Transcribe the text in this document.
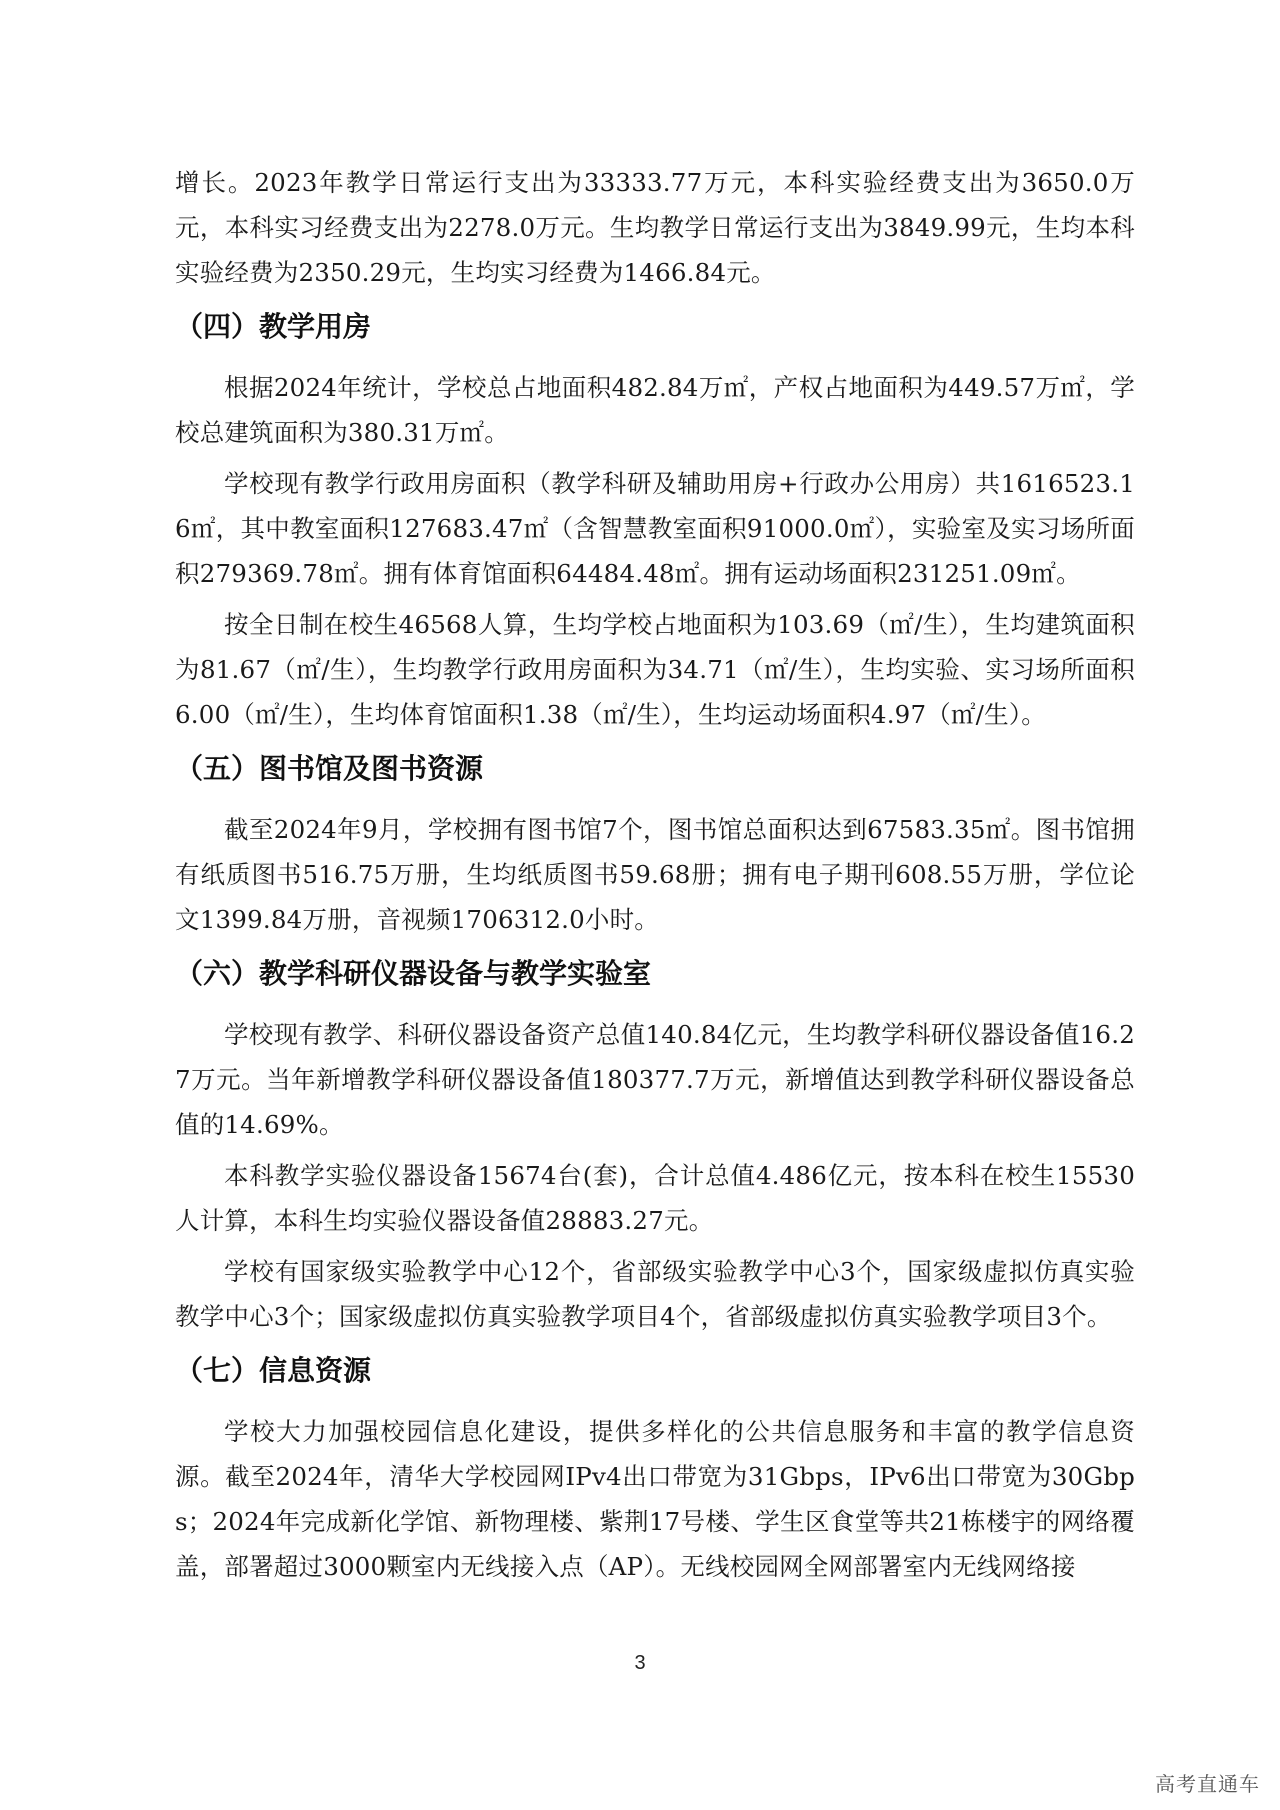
增长。2023年教学日常运行支出为33333.77万元，本科实验经费支出为3650.0万元，本科实习经费支出为2278.0万元。生均教学日常运行支出为3849.99元，生均本科实验经费为2350.29元，生均实习经费为1466.84元。

（四）教学用房

根据2024年统计，学校总占地面积482.84万㎡，产权占地面积为449.57万㎡，学校总建筑面积为380.31万㎡。

学校现有教学行政用房面积（教学科研及辅助用房+行政办公用房）共1616523.16㎡，其中教室面积127683.47㎡（含智慧教室面积91000.0㎡），实验室及实习场所面积279369.78㎡。拥有体育馆面积64484.48㎡。拥有运动场面积231251.09㎡。

按全日制在校生46568人算，生均学校占地面积为103.69（㎡/生），生均建筑面积为81.67（㎡/生），生均教学行政用房面积为34.71（㎡/生），生均实验、实习场所面积6.00（㎡/生），生均体育馆面积1.38（㎡/生），生均运动场面积4.97（㎡/生）。

（五）图书馆及图书资源

截至2024年9月，学校拥有图书馆7个，图书馆总面积达到67583.35㎡。图书馆拥有纸质图书516.75万册，生均纸质图书59.68册；拥有电子期刊608.55万册，学位论文1399.84万册，音视频1706312.0小时。

（六）教学科研仪器设备与教学实验室

学校现有教学、科研仪器设备资产总值140.84亿元，生均教学科研仪器设备值16.27万元。当年新增教学科研仪器设备值180377.7万元，新增值达到教学科研仪器设备总值的14.69%。

本科教学实验仪器设备15674台(套)，合计总值4.486亿元，按本科在校生15530人计算，本科生均实验仪器设备值28883.27元。

学校有国家级实验教学中心12个，省部级实验教学中心3个，国家级虚拟仿真实验教学中心3个；国家级虚拟仿真实验教学项目4个，省部级虚拟仿真实验教学项目3个。

（七）信息资源

学校大力加强校园信息化建设，提供多样化的公共信息服务和丰富的教学信息资源。截至2024年，清华大学校园网IPv4出口带宽为31Gbps，IPv6出口带宽为30Gbps；2024年完成新化学馆、新物理楼、紫荆17号楼、学生区食堂等共21栋楼宇的网络覆盖，部署超过3000颗室内无线接入点（AP）。无线校园网全网部署室内无线网络接

3
高考直通车
